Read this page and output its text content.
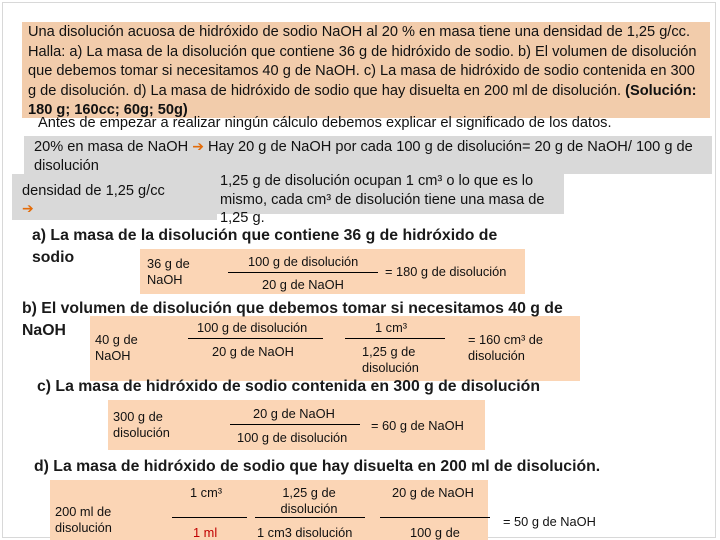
Una disolución acuosa de hidróxido de sodio NaOH al 20 % en masa tiene una densidad de 1,25 g/cc. Halla: a) La masa de la disolución que contiene 36 g de hidróxido de sodio. b) El volumen de disolución que debemos tomar si necesitamos 40 g de NaOH. c) La masa de hidróxido de sodio contenida en 300 g de disolución. d) La masa de hidróxido de sodio que hay disuelta en 200 ml de disolución. (Solución: 180 g; 160cc; 60g; 50g)
Antes de empezar a realizar ningún cálculo debemos explicar el significado de los datos.
20% en masa de NaOH ➔ Hay 20 g de NaOH por cada 100 g de disolución= 20 g de NaOH/ 100 g de disolución
densidad de 1,25 g/cc
➔
1,25 g de disolución ocupan 1 cm³ o lo que es lo mismo, cada cm³ de disolución tiene una masa de 1,25 g.
a) La masa de la disolución que contiene 36 g de hidróxido de sodio	36 g de NaOH
100 g de disolución
20 g de NaOH
= 180 g de disolución
b) El volumen de disolución que debemos tomar si necesitamos 40 g de NaOH
40 g de NaOH
100 g de disolución
20 g de NaOH
1 cm³
1,25 g de disolución
= 160 cm³ de disolución
c) La masa de hidróxido de sodio contenida en 300 g de disolución
300 g de disolución
20 g de NaOH
100 g de disolución
= 60 g de NaOH
d) La masa de hidróxido de sodio que hay disuelta en 200 ml de disolución.
200 ml de disolución
1 cm³
1 ml
1,25 g de disolución
1 cm3 disolución
20 g de NaOH
100 g de
= 50 g de NaOH
